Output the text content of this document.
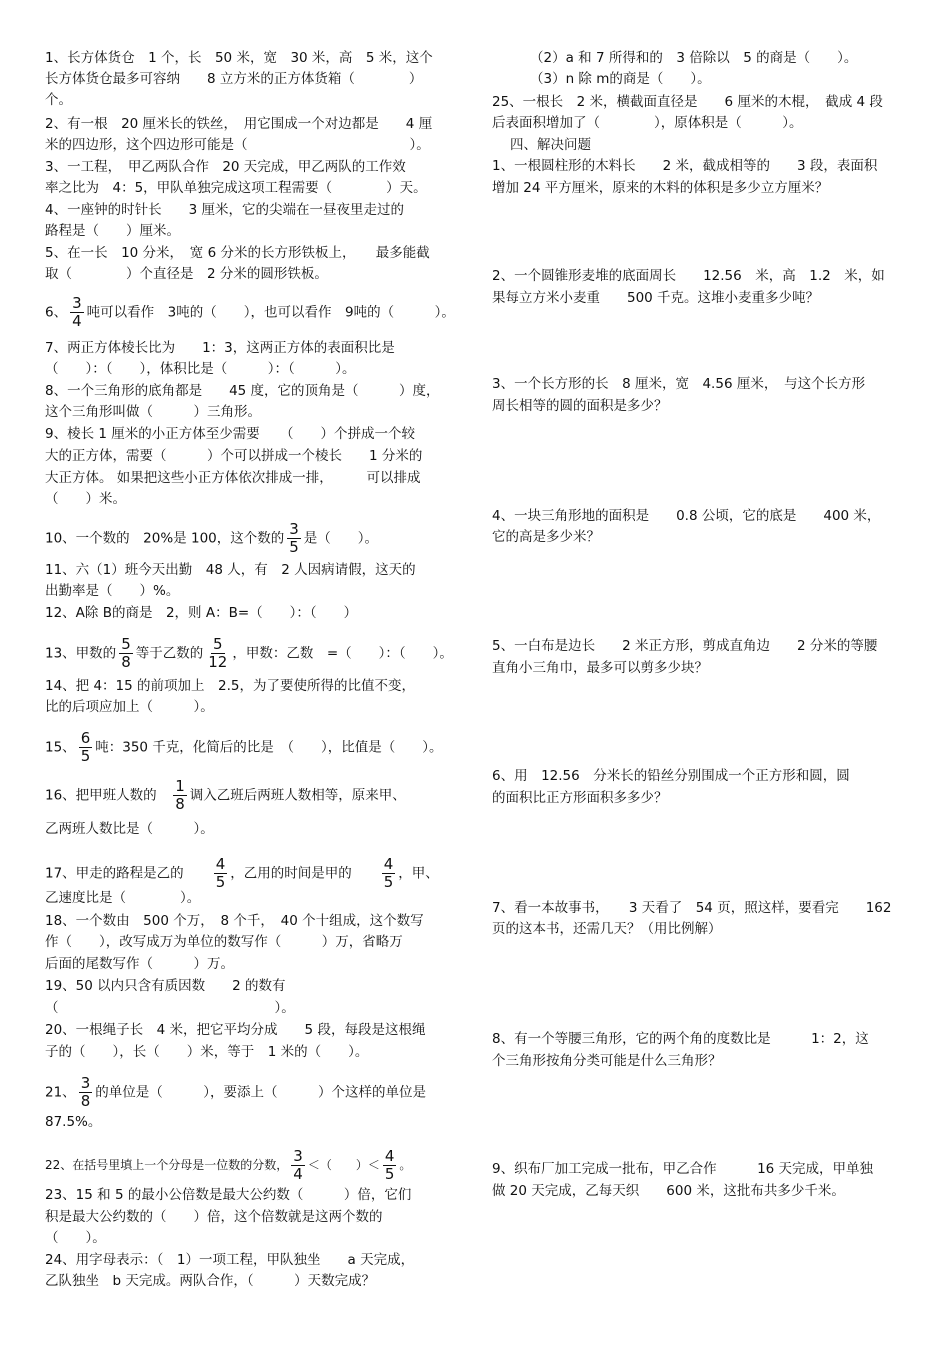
1、长方体货仓　1 个，长　50 米，宽　30 米，高　5 米，这个
长方体货仓最多可容纳　　8 立方米的正方体货箱（　　　　）
个。
2、有一根　20 厘米长的铁丝，　用它围成一个对边都是　　4 厘
米的四边形，这个四边形可能是（　　　　　　　　　　　　）。
3、一工程，　甲乙两队合作　20 天完成，甲乙两队的工作效
率之比为　4：5，甲队单独完成这项工程需要（　　　　）天。
4、一座钟的时针长　　3 厘米，它的尖端在一昼夜里走过的
路程是（　　）厘米。
5、在一长　10 分米，　宽 6 分米的长方形铁板上，　　最多能截
取（　　　　）个直径是　2 分米的圆形铁板。
6、 $\frac{3}{4}$ 吨可以看作　3吨的（　　），也可以看作　9吨的（　　　）。
7、两正方体棱长比为　　1：3，这两正方体的表面积比是
（　　）：（　　），体积比是（　　　）：（　　　）。
8、一个三角形的底角都是　　45 度，它的顶角是（　　　）度，
这个三角形叫做（　　　）三角形。
9、棱长 1 厘米的小正方体至少需要　　（　　）个拼成一个较
大的正方体，需要（　　　）个可以拼成一个棱长　　1 分米的
大正方体。 如果把这些小正方体依次排成一排，　　　可以排成
（　　）米。
10、一个数的　20%是 100，这个数的 $\frac{3}{5}$ 是（　　）。
11、六（1）班今天出勤　48 人，有　2 人因病请假，这天的
出勤率是（　　）%。
12、A除 B的商是　2，则 A：B=（　　）：（　　）
13、甲数的 $\frac{5}{8}$ 等于乙数的 $\frac{5}{12}$ ，甲数：乙数　=（　　）：（　　）。
14、把 4：15 的前项加上　2.5，为了要使所得的比值不变，
比的后项应加上（　　　）。
15、 $\frac{6}{5}$ 吨：350 千克，化简后的比是　（　　），比值是（　　）。
16、把甲班人数的　 $\frac{1}{8}$ 调入乙班后两班人数相等，原来甲、
乙两班人数比是（　　　）。
17、甲走的路程是乙的　　 $\frac{4}{5}$ ，乙用的时间是甲的　　 $\frac{4}{5}$ ，甲、
乙速度比是（　　　　）。
18、一个数由　500 个万，　8 个千，　40 个十组成，这个数写
作（　　），改写成万为单位的数写作（　　　）万，省略万
后面的尾数写作（　　　）万。
19、50 以内只含有质因数　　2 的数有
（　　　　　　　　　　　　　　　　）。
20、一根绳子长　4 米，把它平均分成　　5 段，每段是这根绳
子的（　　），长（　　）米，等于　1 米的（　　）。
21、 $\frac{3}{8}$ 的单位是（　　　），要添上（　　　）个这样的单位是
87.5%。
22、在括号里填上一个分母是一位数的分数， $\frac{3}{4}$ ＜（　　）＜ $\frac{4}{5}$ 。
23、15 和 5 的最小公倍数是最大公约数（　　　）倍，它们
积是最大公约数的（　　）倍，这个倍数就是这两个数的
（　　）。
24、用字母表示：（　1）一项工程，甲队独坐　　a 天完成，
乙队独坐　b 天完成。两队合作，（　　　）天数完成？
（2）a 和 7 所得和的　3 倍除以　5 的商是（　　）。
（3）n 除 m的商是（　　）。
25、一根长　2 米，横截面直径是　　6 厘米的木棍，　截成 4 段
后表面积增加了（　　　　），原体积是（　　　）。
四、解决问题
1、一根圆柱形的木料长　　2 米，截成相等的　　3 段，表面积
增加 24 平方厘米，原来的木料的体积是多少立方厘米？
2、一个圆锥形麦堆的底面周长　　12.56　米，高　1.2　米，如
果每立方米小麦重　　500 千克。这堆小麦重多少吨？
3、一个长方形的长　8 厘米，宽　4.56 厘米，　与这个长方形
周长相等的圆的面积是多少？
4、一块三角形地的面积是　　0.8 公顷，它的底是　　400 米，
它的高是多少米？
5、一白布是边长　　2 米正方形，剪成直角边　　2 分米的等腰
直角小三角巾，最多可以剪多少块？
6、用　12.56　分米长的铅丝分别围成一个正方形和圆，圆
的面积比正方形面积多多少？
7、看一本故事书，　　3 天看了　54 页，照这样，要看完　　162
页的这本书，还需几天？（用比例解）
8、有一个等腰三角形，它的两个角的度数比是　　　1：2，这
个三角形按角分类可能是什么三角形？
9、织布厂加工完成一批布，甲乙合作　　　16 天完成，甲单独
做 20 天完成，乙每天织　　600 米，这批布共多少千米。
